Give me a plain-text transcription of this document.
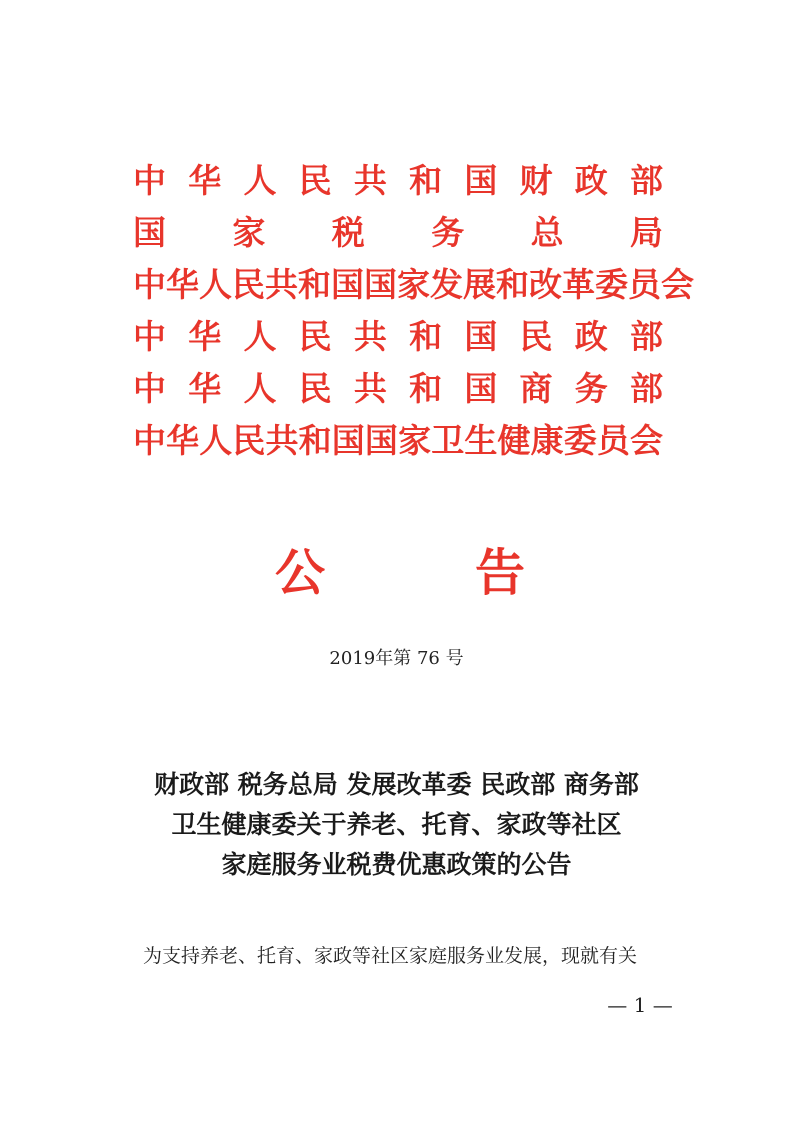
中华人民共和国财政部
国家税务总局
中华人民共和国国家发展和改革委员会
中华人民共和国民政部
中华人民共和国商务部
中华人民共和国国家卫生健康委员会
公告
2019年第 76 号
财政部 税务总局 发展改革委 民政部 商务部
卫生健康委关于养老、托育、家政等社区
家庭服务业税费优惠政策的公告
为支持养老、托育、家政等社区家庭服务业发展，现就有关
— 1 —
